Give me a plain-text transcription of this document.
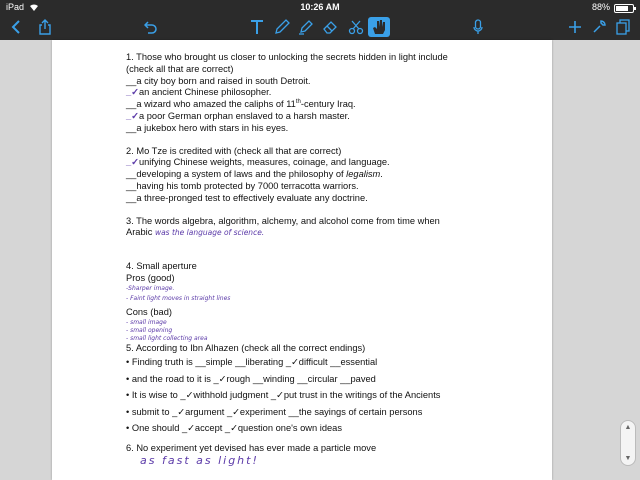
iPad	10:26 AM	88%

1. Those who brought us closer to unlocking the secrets hidden in light include

(check all that are correct)

__a city boy born and raised in south Detroit.

_✓an ancient Chinese philosopher.

__a wizard who amazed the caliphs of 11th-century Iraq.

_✓a poor German orphan enslaved to a harsh master.

__a jukebox hero with stars in his eyes.

2. Mo Tze is credited with (check all that are correct)

_✓unifying Chinese weights, measures, coinage, and language.

__developing a system of laws and the philosophy of legalism.

__having his tomb protected by 7000 terracotta warriors.

__a three-pronged test to effectively evaluate any doctrine.

3. The words algebra, algorithm, alchemy, and alcohol come from time when

Arabic was the language of science.

4. Small aperture

Pros (good)

-Sharper image.

- Faint light moves in straight lines

Cons (bad)

- small image

- small opening

- small light collecting area

5. According to Ibn Alhazen (check all the correct endings)

• Finding truth is __simple __liberating _✓difficult __essential

• and the road to it is _✓rough __winding __circular __paved

• It is wise to _✓withhold judgment _✓put trust in the writings of the Ancients

• submit to _✓argument _✓experiment __the sayings of certain persons

• One should _✓accept _✓question one's own ideas

6. No experiment yet devised has ever made a particle move

as fast as light!

▲
▼
